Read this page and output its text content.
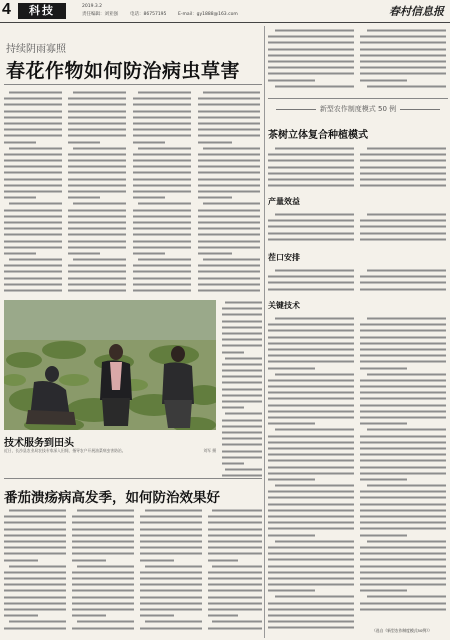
4	科技	2019.3.2
责任编辑：刘亚强	电话：86757195	E-mail：gy1888@163.com	春村信息报
持续阴雨寡照
春花作物如何防治病虫草害
技术服务到田头
近日，长沙县农业局农技专家深入田间，指导农户开展油菜病虫害防治。	刘军 摄
番茄溃疡病高发季，如何防治效果好
新型农作制度模式 50 例
茶树立体复合种植模式
产量效益
茬口安排
关键技术
（选自《新型农作制度模式50例》）
